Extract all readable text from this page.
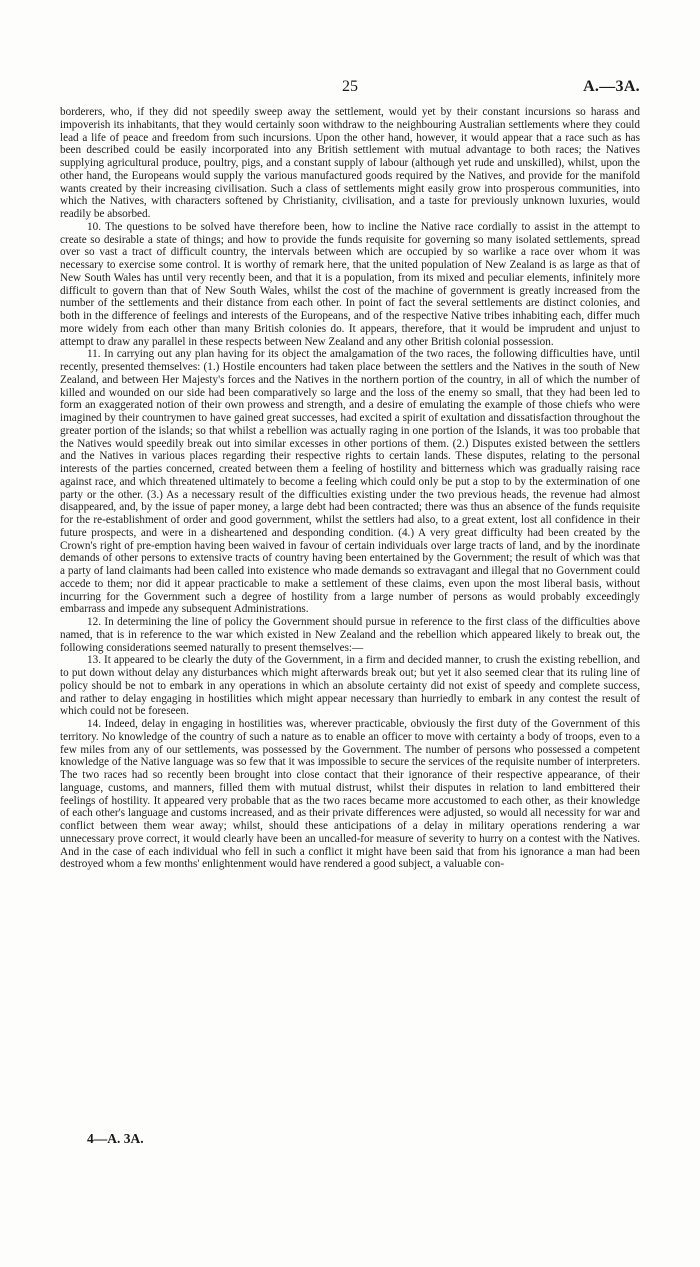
25	A.—3A.

borderers, who, if they did not speedily sweep away the settlement, would yet by their constant incursions so harass and impoverish its inhabitants, that they would certainly soon withdraw to the neighbouring Australian settlements where they could lead a life of peace and freedom from such incursions. Upon the other hand, however, it would appear that a race such as has been described could be easily incorporated into any British settlement with mutual advantage to both races; the Natives supplying agricultural produce, poultry, pigs, and a constant supply of labour (although yet rude and unskilled), whilst, upon the other hand, the Europeans would supply the various manufactured goods required by the Natives, and provide for the manifold wants created by their increasing civilisation. Such a class of settlements might easily grow into prosperous communities, into which the Natives, with characters softened by Christianity, civilisation, and a taste for previously unknown luxuries, would readily be absorbed.

10. The questions to be solved have therefore been, how to incline the Native race cordially to assist in the attempt to create so desirable a state of things; and how to provide the funds requisite for governing so many isolated settlements, spread over so vast a tract of difficult country, the intervals between which are occupied by so warlike a race over whom it was necessary to exercise some control. It is worthy of remark here, that the united population of New Zealand is as large as that of New South Wales has until very recently been, and that it is a population, from its mixed and peculiar elements, infinitely more difficult to govern than that of New South Wales, whilst the cost of the machine of government is greatly increased from the number of the settlements and their distance from each other. In point of fact the several settlements are distinct colonies, and both in the difference of feelings and interests of the Europeans, and of the respective Native tribes inhabiting each, differ much more widely from each other than many British colonies do. It appears, therefore, that it would be imprudent and unjust to attempt to draw any parallel in these respects between New Zealand and any other British colonial possession.

11. In carrying out any plan having for its object the amalgamation of the two races, the following difficulties have, until recently, presented themselves: (1.) Hostile encounters had taken place between the settlers and the Natives in the south of New Zealand, and between Her Majesty's forces and the Natives in the northern portion of the country, in all of which the number of killed and wounded on our side had been comparatively so large and the loss of the enemy so small, that they had been led to form an exaggerated notion of their own prowess and strength, and a desire of emulating the example of those chiefs who were imagined by their countrymen to have gained great successes, had excited a spirit of exultation and dissatisfaction throughout the greater portion of the islands; so that whilst a rebellion was actually raging in one portion of the Islands, it was too probable that the Natives would speedily break out into similar excesses in other portions of them. (2.) Disputes existed between the settlers and the Natives in various places regarding their respective rights to certain lands. These disputes, relating to the personal interests of the parties concerned, created between them a feeling of hostility and bitterness which was gradually raising race against race, and which threatened ultimately to become a feeling which could only be put a stop to by the extermination of one party or the other. (3.) As a necessary result of the difficulties existing under the two previous heads, the revenue had almost disappeared, and, by the issue of paper money, a large debt had been contracted; there was thus an absence of the funds requisite for the re-establishment of order and good government, whilst the settlers had also, to a great extent, lost all confidence in their future prospects, and were in a disheartened and desponding condition. (4.) A very great difficulty had been created by the Crown's right of pre-emption having been waived in favour of certain individuals over large tracts of land, and by the inordinate demands of other persons to extensive tracts of country having been entertained by the Government; the result of which was that a party of land claimants had been called into existence who made demands so extravagant and illegal that no Government could accede to them; nor did it appear practicable to make a settlement of these claims, even upon the most liberal basis, without incurring for the Government such a degree of hostility from a large number of persons as would probably exceedingly embarrass and impede any subsequent Administrations.

12. In determining the line of policy the Government should pursue in reference to the first class of the difficulties above named, that is in reference to the war which existed in New Zealand and the rebellion which appeared likely to break out, the following considerations seemed naturally to present themselves:—

13. It appeared to be clearly the duty of the Government, in a firm and decided manner, to crush the existing rebellion, and to put down without delay any disturbances which might afterwards break out; but yet it also seemed clear that its ruling line of policy should be not to embark in any operations in which an absolute certainty did not exist of speedy and complete success, and rather to delay engaging in hostilities which might appear necessary than hurriedly to embark in any contest the result of which could not be foreseen.

14. Indeed, delay in engaging in hostilities was, wherever practicable, obviously the first duty of the Government of this territory. No knowledge of the country of such a nature as to enable an officer to move with certainty a body of troops, even to a few miles from any of our settlements, was possessed by the Government. The number of persons who possessed a competent knowledge of the Native language was so few that it was impossible to secure the services of the requisite number of interpreters. The two races had so recently been brought into close contact that their ignorance of their respective appearance, of their language, customs, and manners, filled them with mutual distrust, whilst their disputes in relation to land embittered their feelings of hostility. It appeared very probable that as the two races became more accustomed to each other, as their knowledge of each other's language and customs increased, and as their private differences were adjusted, so would all necessity for war and conflict between them wear away; whilst, should these anticipations of a delay in military operations rendering a war unnecessary prove correct, it would clearly have been an uncalled-for measure of severity to hurry on a contest with the Natives. And in the case of each individual who fell in such a conflict it might have been said that from his ignorance a man had been destroyed whom a few months' enlightenment would have rendered a good subject, a valuable con-

4—A. 3A.
